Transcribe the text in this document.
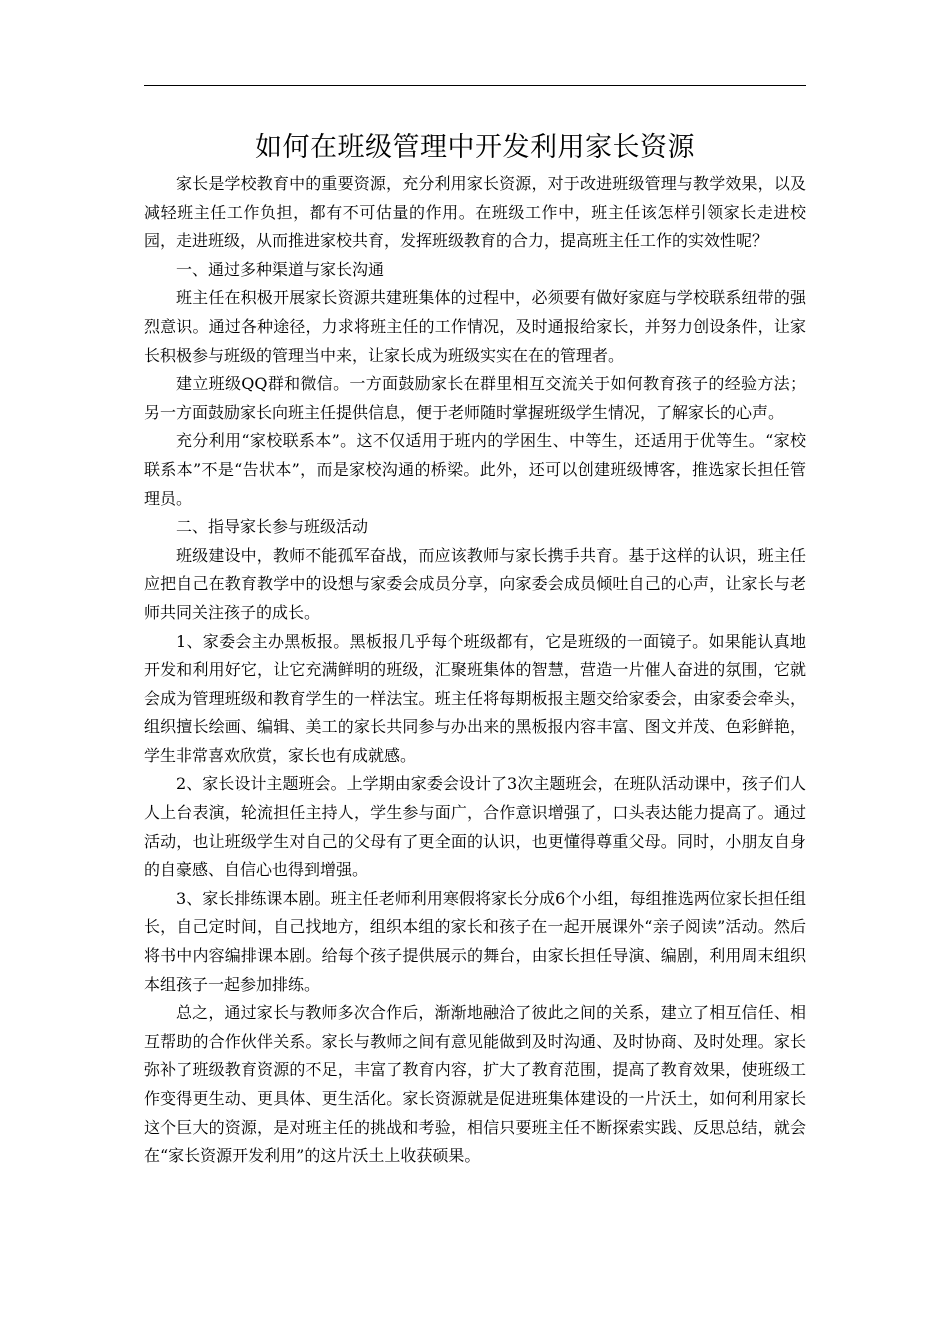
如何在班级管理中开发利用家长资源

家长是学校教育中的重要资源，充分利用家长资源，对于改进班级管理与教学效果，以及减轻班主任工作负担，都有不可估量的作用。在班级工作中，班主任该怎样引领家长走进校园，走进班级，从而推进家校共育，发挥班级教育的合力，提高班主任工作的实效性呢？

一、通过多种渠道与家长沟通

班主任在积极开展家长资源共建班集体的过程中，必须要有做好家庭与学校联系纽带的强烈意识。通过各种途径，力求将班主任的工作情况，及时通报给家长，并努力创设条件，让家长积极参与班级的管理当中来，让家长成为班级实实在在的管理者。

建立班级QQ群和微信。一方面鼓励家长在群里相互交流关于如何教育孩子的经验方法；另一方面鼓励家长向班主任提供信息，便于老师随时掌握班级学生情况，了解家长的心声。

充分利用“家校联系本”。这不仅适用于班内的学困生、中等生，还适用于优等生。“家校联系本”不是“告状本”，而是家校沟通的桥梁。此外，还可以创建班级博客，推选家长担任管理员。

二、指导家长参与班级活动

班级建设中，教师不能孤军奋战，而应该教师与家长携手共育。基于这样的认识，班主任应把自己在教育教学中的设想与家委会成员分享，向家委会成员倾吐自己的心声，让家长与老师共同关注孩子的成长。

1、家委会主办黑板报。黑板报几乎每个班级都有，它是班级的一面镜子。如果能认真地开发和利用好它，让它充满鲜明的班级，汇聚班集体的智慧，营造一片催人奋进的氛围，它就会成为管理班级和教育学生的一样法宝。班主任将每期板报主题交给家委会，由家委会牵头，组织擅长绘画、编辑、美工的家长共同参与办出来的黑板报内容丰富、图文并茂、色彩鲜艳，学生非常喜欢欣赏，家长也有成就感。

2、家长设计主题班会。上学期由家委会设计了3次主题班会，在班队活动课中，孩子们人人上台表演，轮流担任主持人，学生参与面广，合作意识增强了，口头表达能力提高了。通过活动，也让班级学生对自己的父母有了更全面的认识，也更懂得尊重父母。同时，小朋友自身的自豪感、自信心也得到增强。

3、家长排练课本剧。班主任老师利用寒假将家长分成6个小组，每组推选两位家长担任组长，自己定时间，自己找地方，组织本组的家长和孩子在一起开展课外“亲子阅读”活动。然后将书中内容编排课本剧。给每个孩子提供展示的舞台，由家长担任导演、编剧，利用周末组织本组孩子一起参加排练。

总之，通过家长与教师多次合作后，渐渐地融洽了彼此之间的关系，建立了相互信任、相互帮助的合作伙伴关系。家长与教师之间有意见能做到及时沟通、及时协商、及时处理。家长弥补了班级教育资源的不足，丰富了教育内容，扩大了教育范围，提高了教育效果，使班级工作变得更生动、更具体、更生活化。家长资源就是促进班集体建设的一片沃土，如何利用家长这个巨大的资源，是对班主任的挑战和考验，相信只要班主任不断探索实践、反思总结，就会在“家长资源开发利用”的这片沃土上收获硕果。
